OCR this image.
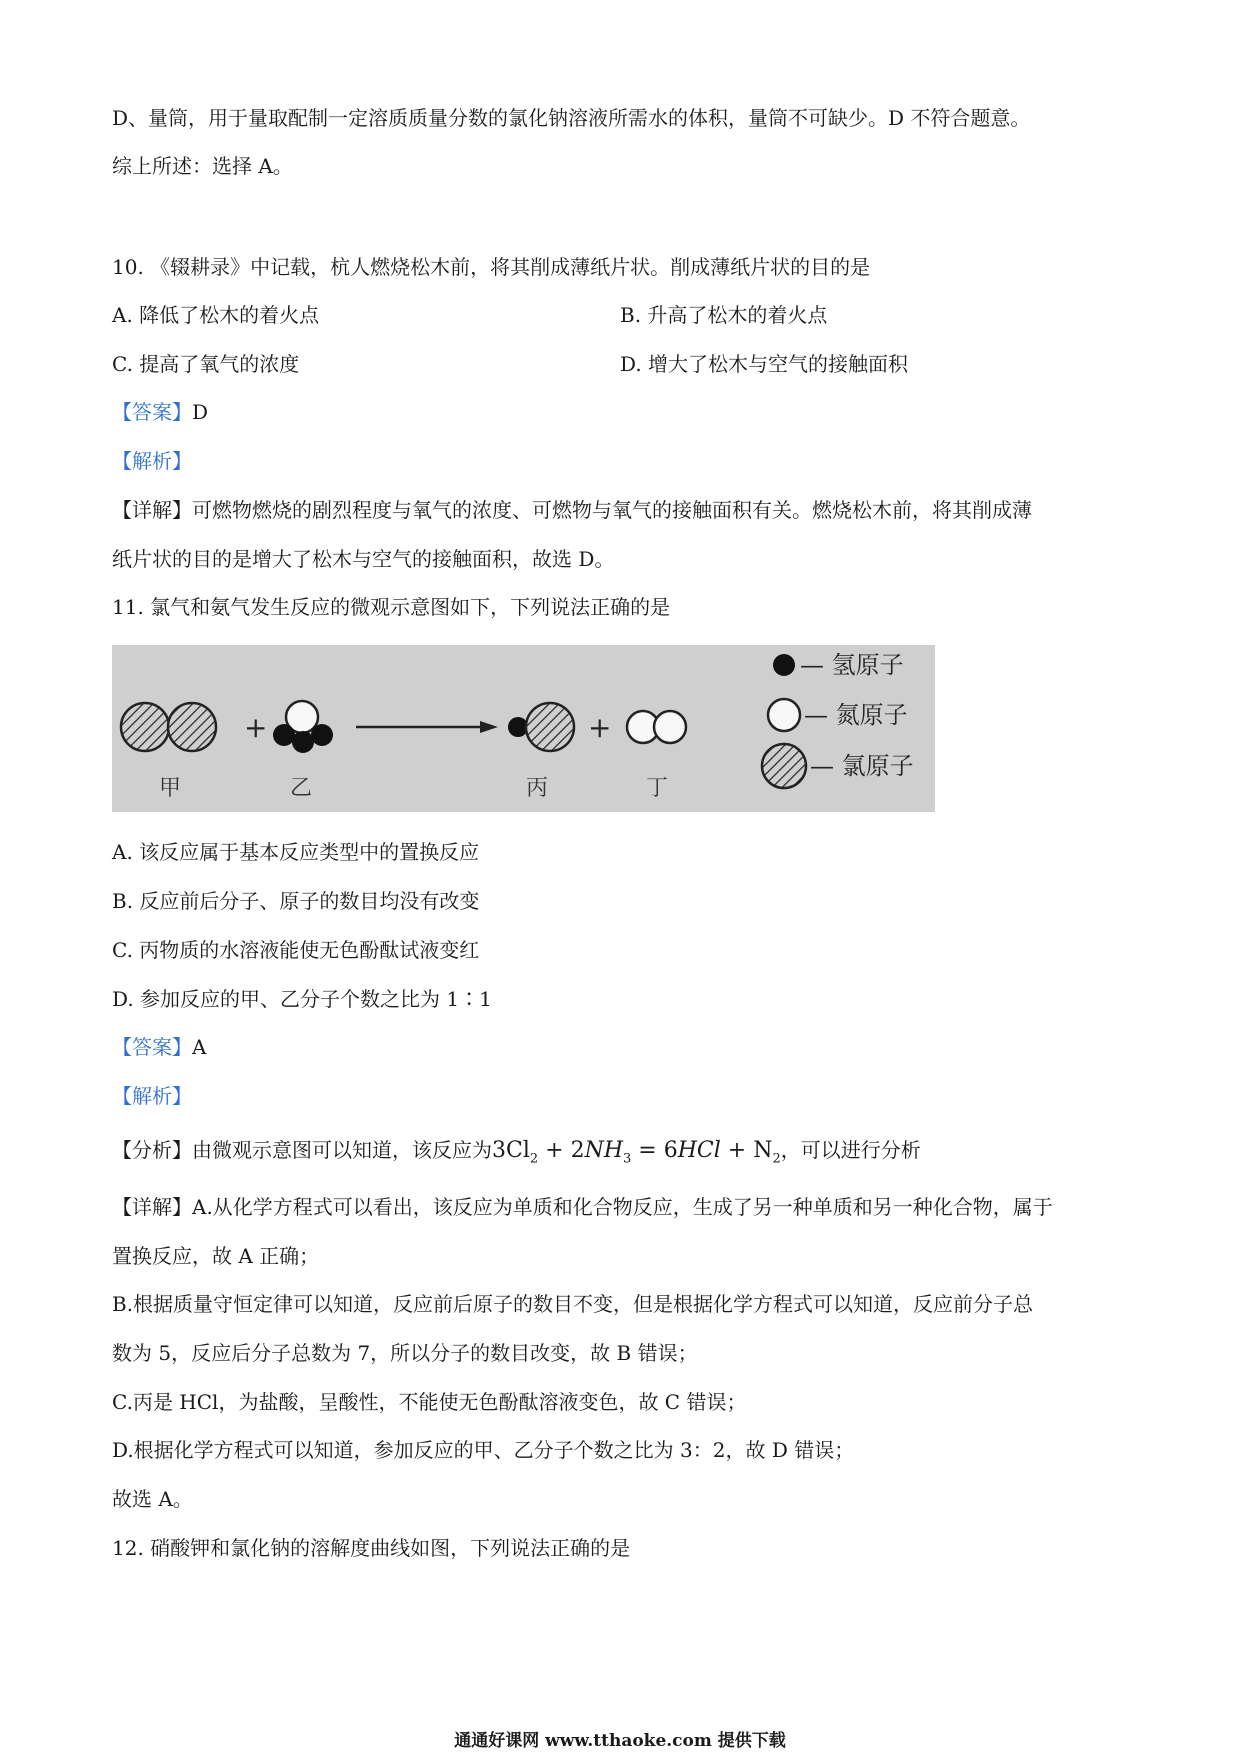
D、量筒，用于量取配制一定溶质质量分数的氯化钠溶液所需水的体积，量筒不可缺少。D 不符合题意。
综上所述：选择 A。
10. 《辍耕录》中记载，杭人燃烧松木前，将其削成薄纸片状。削成薄纸片状的目的是
A. 降低了松木的着火点	B. 升高了松木的着火点
C. 提高了氧气的浓度	D. 增大了松木与空气的接触面积
【答案】D
【解析】
【详解】可燃物燃烧的剧烈程度与氧气的浓度、可燃物与氧气的接触面积有关。燃烧松木前，将其削成薄
纸片状的目的是增大了松木与空气的接触面积，故选 D。
11. 氯气和氨气发生反应的微观示意图如下，下列说法正确的是
+	+
甲	乙	丙	丁
— 氢原子
— 氮原子
— 氯原子
A. 该反应属于基本反应类型中的置换反应
B. 反应前后分子、原子的数目均没有改变
C. 丙物质的水溶液能使无色酚酞试液变红
D. 参加反应的甲、乙分子个数之比为 1∶1
【答案】A
【解析】
【分析】由微观示意图可以知道，该反应为$3Cl_2 + 2NH_3 = 6HCl + N_2$，可以进行分析
【详解】A.从化学方程式可以看出，该反应为单质和化合物反应，生成了另一种单质和另一种化合物，属于
置换反应，故 A 正确；
B.根据质量守恒定律可以知道，反应前后原子的数目不变，但是根据化学方程式可以知道，反应前分子总
数为 5，反应后分子总数为 7，所以分子的数目改变，故 B 错误；
C.丙是 HCl，为盐酸，呈酸性，不能使无色酚酞溶液变色，故 C 错误；
D.根据化学方程式可以知道，参加反应的甲、乙分子个数之比为 3：2，故 D 错误；
故选 A。
12. 硝酸钾和氯化钠的溶解度曲线如图，下列说法正确的是
通通好课网 www.tthaoke.com 提供下载
